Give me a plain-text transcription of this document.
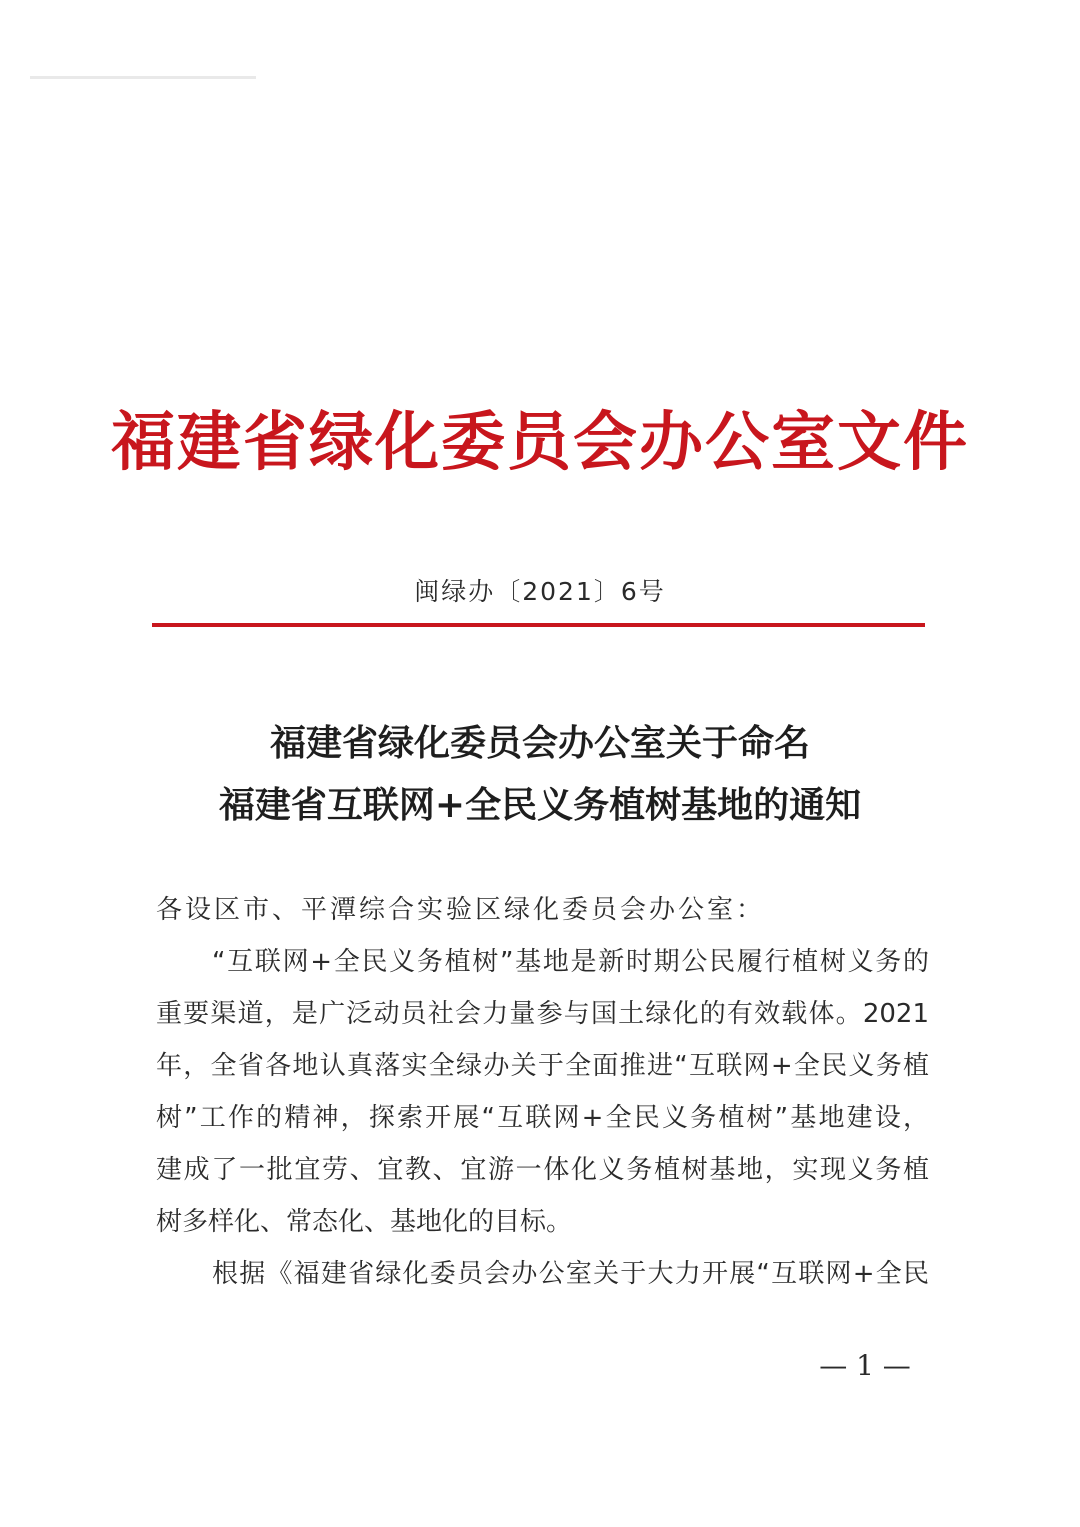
福建省绿化委员会办公室文件
闽绿办〔2021〕6号
福建省绿化委员会办公室关于命名
福建省互联网+全民义务植树基地的通知
各设区市、平潭综合实验区绿化委员会办公室：
“互联网+全民义务植树”基地是新时期公民履行植树义务的
重要渠道，是广泛动员社会力量参与国土绿化的有效载体。2021
年，全省各地认真落实全绿办关于全面推进“互联网+全民义务植
树”工作的精神，探索开展“互联网+全民义务植树”基地建设，
建成了一批宜劳、宜教、宜游一体化义务植树基地，实现义务植
树多样化、常态化、基地化的目标。
根据《福建省绿化委员会办公室关于大力开展“互联网+全民
— 1 —
